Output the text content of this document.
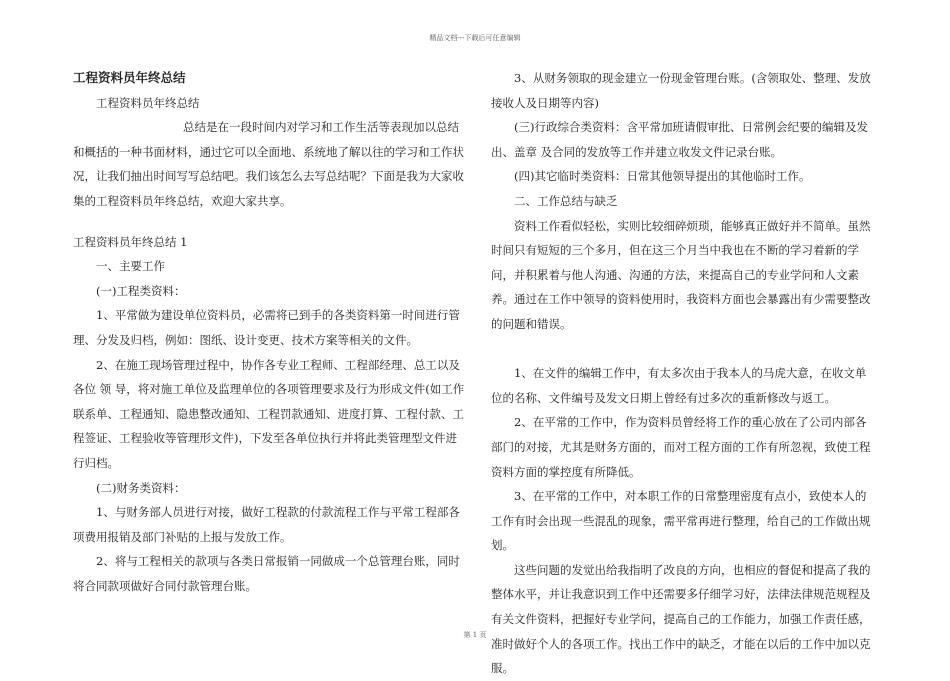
精品文档---下载后可任意编辑

工程资料员年终总结

工程资料员年终总结

总结是在一段时间内对学习和工作生活等表现加以总结和概括的一种书面材料，通过它可以全面地、系统地了解以往的学习和工作状况，让我们抽出时间写写总结吧。我们该怎么去写总结呢？下面是我为大家收集的工程资料员年终总结，欢迎大家共享。

工程资料员年终总结 1

一、主要工作

(一)工程类资料：

1、平常做为建设单位资料员，必需将已到手的各类资料第一时间进行管理、分发及归档，例如：图纸、设计变更、技术方案等相关的文件。

2、在施工现场管理过程中，协作各专业工程师、工程部经理、总工以及各位 领 导，将对施工单位及监理单位的各项管理要求及行为形成文件(如工作联系单、工程通知、隐患整改通知、工程罚款通知、进度打算、工程付款、工程签证、工程验收等管理形文件)，下发至各单位执行并将此类管理型文件进行归档。

(二)财务类资料：

1、与财务部人员进行对接，做好工程款的付款流程工作与平常工程部各项费用报销及部门补贴的上报与发放工作。

2、将与工程相关的款项与各类日常报销一同做成一个总管理台账，同时将合同款项做好合同付款管理台账。

3、从财务领取的现金建立一份现金管理台账。(含领取处、整理、发放接收人及日期等内容)

(三)行政综合类资料：含平常加班请假审批、日常例会纪要的编辑及发出、盖章 及合同的发放等工作并建立收发文件记录台账。

(四)其它临时类资料：日常其他领导提出的其他临时工作。

二、工作总结与缺乏

资料工作看似轻松，实则比较细碎烦琐，能够真正做好并不简单。虽然时间只有短短的三个多月，但在这三个月当中我也在不断的学习着新的学问，并积累着与他人沟通、沟通的方法，来提高自己的专业学问和人文素养。通过在工作中领导的资料使用时，我资料方面也会暴露出有少需要整改的问题和错误。

1、在文件的编辑工作中，有太多次由于我本人的马虎大意，在收文单位的名称、文件编号及发文日期上曾经有过多次的重新修改与返工。

2、在平常的工作中，作为资料员曾经将工作的重心放在了公司内部各部门的对接，尤其是财务方面的，而对工程方面的工作有所忽视，致使工程资料方面的掌控度有所降低。

3、在平常的工作中，对本职工作的日常整理密度有点小，致使本人的工作有时会出现一些混乱的现象，需平常再进行整理，给自己的工作做出规划。

这些问题的发觉出给我指明了改良的方向，也相应的督促和提高了我的整体水平，并让我意识到工作中还需要多仔细学习好，法律法律规范规程及有关文件资料，把握好专业学问，提高自己的工作能力，加强工作责任感，准时做好个人的各项工作。找出工作中的缺乏，才能在以后的工作中加以克服。

第 1 页
